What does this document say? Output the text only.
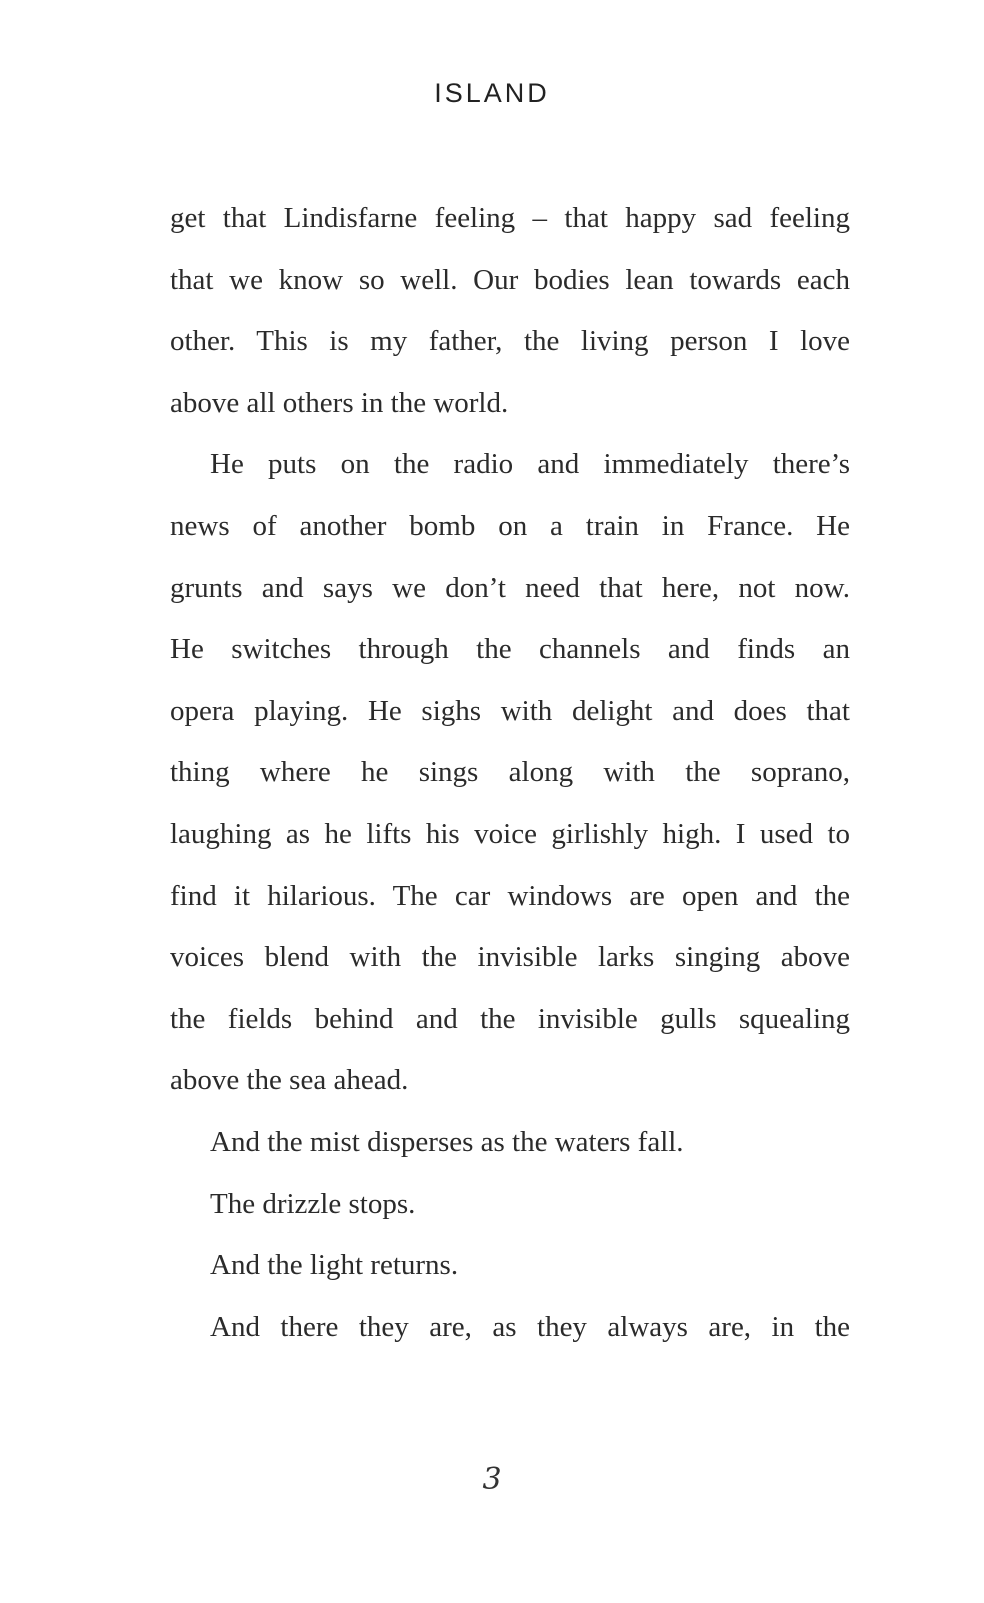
ISLAND
get that Lindisfarne feeling – that happy sad feeling
that we know so well. Our bodies lean towards each
other. This is my father, the living person I love
above all others in the world.
He puts on the radio and immediately there’s
news of another bomb on a train in France. He
grunts and says we don’t need that here, not now.
He switches through the channels and finds an
opera playing. He sighs with delight and does that
thing where he sings along with the soprano,
laughing as he lifts his voice girlishly high. I used to
find it hilarious. The car windows are open and the
voices blend with the invisible larks singing above
the fields behind and the invisible gulls squealing
above the sea ahead.
And the mist disperses as the waters fall.
The drizzle stops.
And the light returns.
And there they are, as they always are, in the
3
